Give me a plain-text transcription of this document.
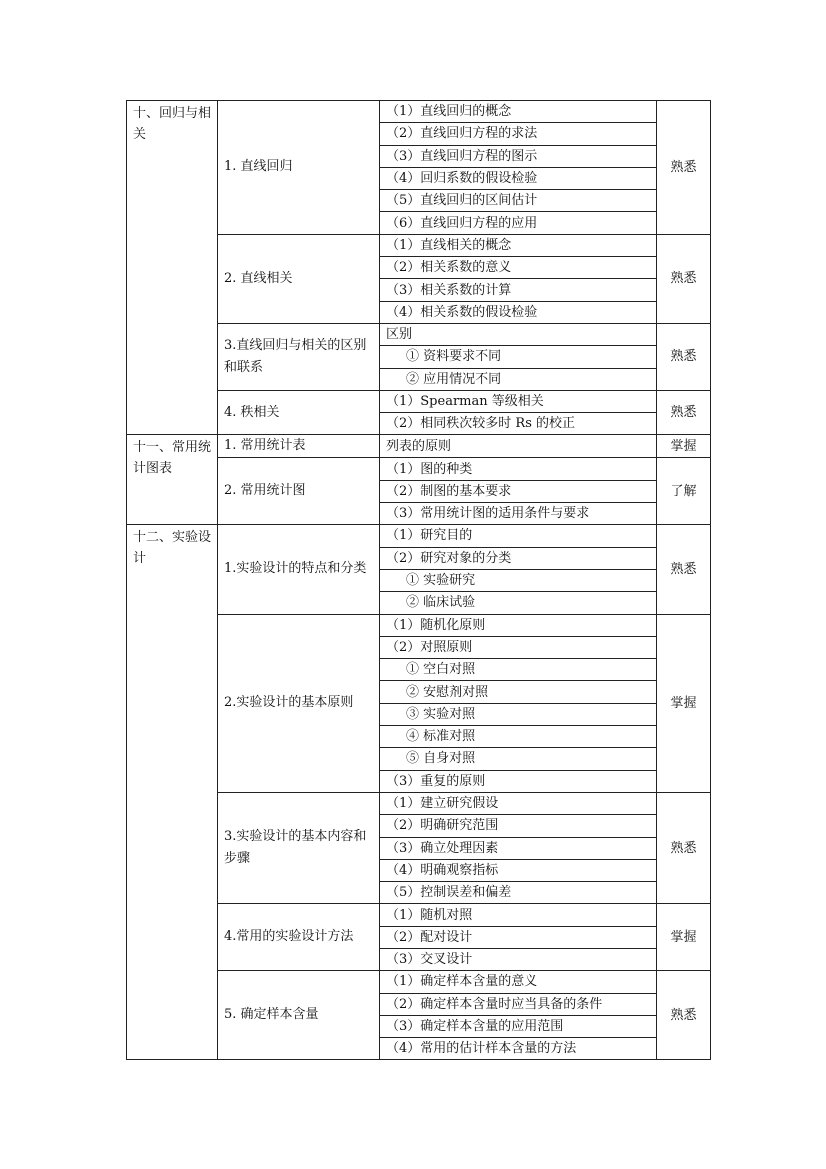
十、回归与相关	1. 直线回归	（1）直线回归的概念	熟悉
		（2）直线回归方程的求法	
		（3）直线回归方程的图示	
		（4）回归系数的假设检验	
		（5）直线回归的区间估计	
		（6）直线回归方程的应用	
	2. 直线相关	（1）直线相关的概念	熟悉
		（2）相关系数的意义	
		（3）相关系数的计算	
		（4）相关系数的假设检验	
	3.直线回归与相关的区别和联系	区别	熟悉
		① 资料要求不同	
		② 应用情况不同	
	4. 秩相关	（1）Spearman 等级相关	熟悉
		（2）相同秩次较多时 Rs 的校正	
十一、常用统计图表	1. 常用统计表	列表的原则	掌握
	2. 常用统计图	（1）图的种类	了解
		（2）制图的基本要求	
		（3）常用统计图的适用条件与要求	
十二、实验设计	1.实验设计的特点和分类	（1）研究目的	熟悉
		（2）研究对象的分类	
		① 实验研究	
		② 临床试验	
	2.实验设计的基本原则	（1）随机化原则	掌握
		（2）对照原则	
		① 空白对照	
		② 安慰剂对照	
		③ 实验对照	
		④ 标准对照	
		⑤ 自身对照	
		（3）重复的原则	
	3.实验设计的基本内容和步骤	（1）建立研究假设	熟悉
		（2）明确研究范围	
		（3）确立处理因素	
		（4）明确观察指标	
		（5）控制误差和偏差	
	4.常用的实验设计方法	（1）随机对照	掌握
		（2）配对设计	
		（3）交叉设计	
	5. 确定样本含量	（1）确定样本含量的意义	熟悉
		（2）确定样本含量时应当具备的条件	
		（3）确定样本含量的应用范围	
		（4）常用的估计样本含量的方法	
